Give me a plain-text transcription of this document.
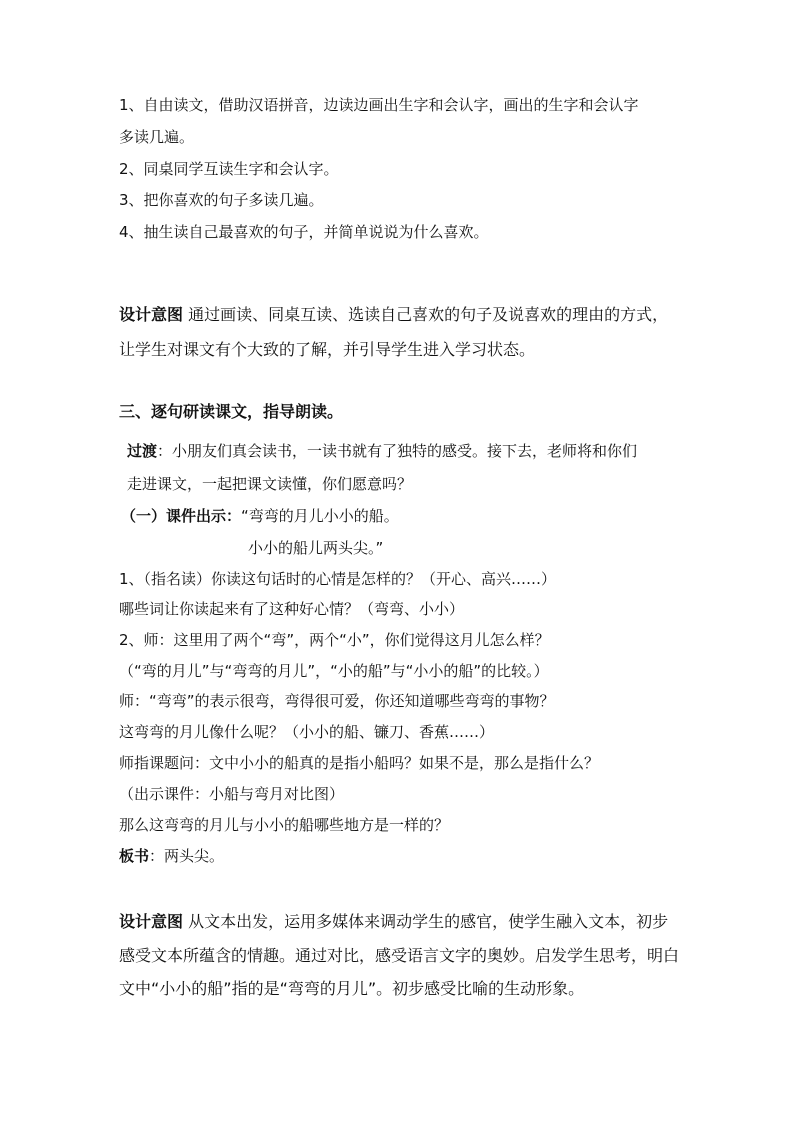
1、自由读文，借助汉语拼音，边读边画出生字和会认字，画出的生字和会认字
多读几遍。
2、同桌同学互读生字和会认字。
3、把你喜欢的句子多读几遍。
4、抽生读自己最喜欢的句子，并简单说说为什么喜欢。
设计意图 通过画读、同桌互读、选读自己喜欢的句子及说喜欢的理由的方式，
让学生对课文有个大致的了解，并引导学生进入学习状态。
三、逐句研读课文，指导朗读。
过渡：小朋友们真会读书，一读书就有了独特的感受。接下去，老师将和你们
走进课文，一起把课文读懂，你们愿意吗？
（一）课件出示：“弯弯的月儿小小的船。
小小的船儿两头尖。”
1、（指名读）你读这句话时的心情是怎样的？（开心、高兴……）
哪些词让你读起来有了这种好心情？（弯弯、小小）
2、师：这里用了两个“弯”，两个“小”，你们觉得这月儿怎么样？
（“弯的月儿”与“弯弯的月儿”，“小的船”与“小小的船”的比较。）
师：“弯弯”的表示很弯，弯得很可爱，你还知道哪些弯弯的事物？
这弯弯的月儿像什么呢？（小小的船、镰刀、香蕉……）
师指课题问：文中小小的船真的是指小船吗？如果不是，那么是指什么？
（出示课件：小船与弯月对比图）
那么这弯弯的月儿与小小的船哪些地方是一样的？
板书：两头尖。
设计意图 从文本出发，运用多媒体来调动学生的感官，使学生融入文本，初步
感受文本所蕴含的情趣。通过对比，感受语言文字的奥妙。启发学生思考，明白
文中“小小的船”指的是“弯弯的月儿”。初步感受比喻的生动形象。
